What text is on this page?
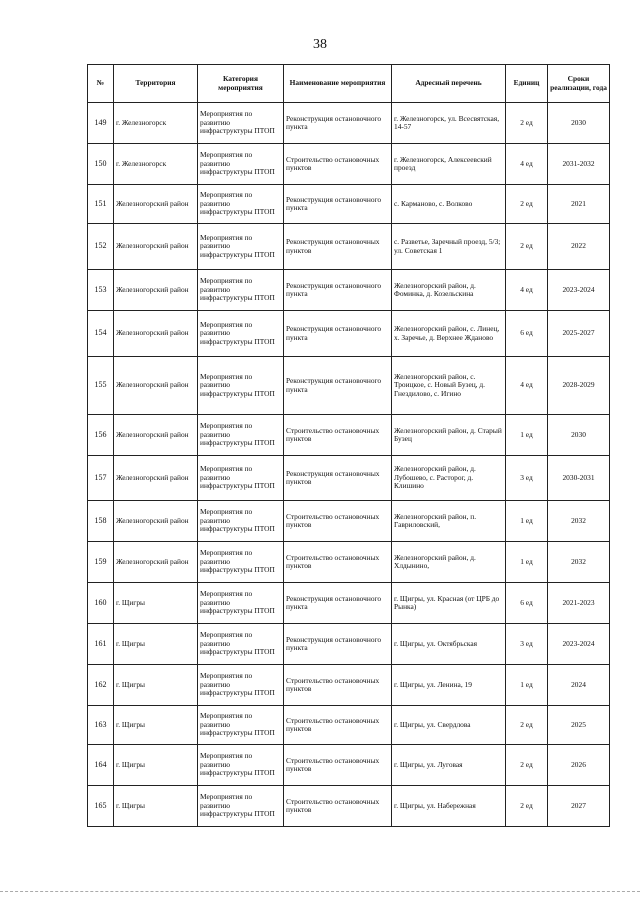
38
№	Территория	Категория мероприятия	Наименование мероприятия	Адресный перечень	Единиц	Сроки реализации, года
149	г. Железногорск	Мероприятия по развитию инфраструктуры ПТОП	Реконструкция остановочного пункта	г. Железногорск, ул. Всесвятская, 14-57	2 ед	2030
150	г. Железногорск	Мероприятия по развитию инфраструктуры ПТОП	Строительство остановочных пунктов	г. Железногорск, Алексеевский проезд	4 ед	2031-2032
151	Железногорский район	Мероприятия по развитию инфраструктуры ПТОП	Реконструкция остановочного пункта	с. Карманово, с. Волково	2 ед	2021
152	Железногорский район	Мероприятия по развитию инфраструктуры ПТОП	Реконструкция остановочных пунктов	с. Разветье, Заречный проезд, 5/3; ул. Советская 1	2 ед	2022
153	Железногорский район	Мероприятия по развитию инфраструктуры ПТОП	Реконструкция остановочного пункта	Железногорский район, д. Фоминка, д. Козельскина	4 ед	2023-2024
154	Железногорский район	Мероприятия по развитию инфраструктуры ПТОП	Реконструкция остановочного пункта	Железногорский район, с. Линец, х. Заречье, д. Верхнее Жданово	6 ед	2025-2027
155	Железногорский район	Мероприятия по развитию инфраструктуры ПТОП	Реконструкция остановочного пункта	Железногорский район, с. Троицкое, с. Новый Бузец, д. Гнездилово, с. Игино	4 ед	2028-2029
156	Железногорский район	Мероприятия по развитию инфраструктуры ПТОП	Строительство остановочных пунктов	Железногорский район, д. Старый Бузец	1 ед	2030
157	Железногорский район	Мероприятия по развитию инфраструктуры ПТОП	Реконструкция остановочных пунктов	Железногорский район, д. Лубошево, с. Расторог, д. Клишино	3 ед	2030-2031
158	Железногорский район	Мероприятия по развитию инфраструктуры ПТОП	Строительство остановочных пунктов	Железногорский район, п. Гавриловский,	1 ед	2032
159	Железногорский район	Мероприятия по развитию инфраструктуры ПТОП	Строительство остановочных пунктов	Железногорский район, д. Хлдынино,	1 ед	2032
160	г. Щигры	Мероприятия по развитию инфраструктуры ПТОП	Реконструкция остановочного пункта	г. Щигры, ул. Красная (от ЦРБ до Рынка)	6 ед	2021-2023
161	г. Щигры	Мероприятия по развитию инфраструктуры ПТОП	Реконструкция остановочного пункта	г. Щигры, ул. Октябрьская	3 ед	2023-2024
162	г. Щигры	Мероприятия по развитию инфраструктуры ПТОП	Строительство остановочных пунктов	г. Щигры, ул. Ленина, 19	1 ед	2024
163	г. Щигры	Мероприятия по развитию инфраструктуры ПТОП	Строительство остановочных пунктов	г. Щигры, ул. Свердлова	2 ед	2025
164	г. Щигры	Мероприятия по развитию инфраструктуры ПТОП	Строительство остановочных пунктов	г. Щигры, ул. Луговая	2 ед	2026
165	г. Щигры	Мероприятия по развитию инфраструктуры ПТОП	Строительство остановочных пунктов	г. Щигры, ул. Набережная	2 ед	2027
